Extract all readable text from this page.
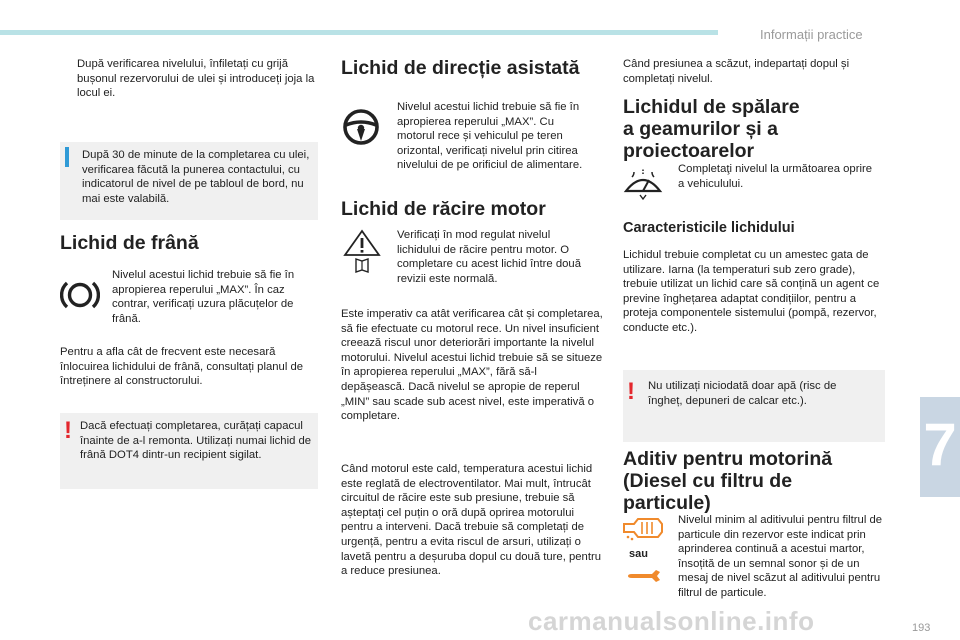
Informații practice

După verificarea nivelului, înfiletați cu grijă bușonul rezervorului de ulei și introduceți joja la locul ei.

După 30 de minute de la completarea cu ulei, verificarea făcută la punerea contactului, cu indicatorul de nivel de pe tabloul de bord, nu mai este valabilă.

Lichid de frână

Nivelul acestui lichid trebuie să fie în apropierea reperului „MAX”. În caz contrar, verificați uzura plăcuțelor de frână.

Pentru a afla cât de frecvent este necesară înlocuirea lichidului de frână, consultați planul de întreținere al constructorului.

! Dacă efectuați completarea, curățați capacul înainte de a-l remonta. Utilizați numai lichid de frână DOT4 dintr-un recipient sigilat.

Lichid de direcție asistată

Nivelul acestui lichid trebuie să fie în apropierea reperului „MAX”. Cu motorul rece și vehiculul pe teren orizontal, verificați nivelul prin citirea nivelului de pe orificiul de alimentare.

Lichid de răcire motor

Verificați în mod regulat nivelul lichidului de răcire pentru motor. O completare cu acest lichid între două revizii este normală.

Este imperativ ca atât verificarea cât și completarea, să fie efectuate cu motorul rece. Un nivel insuficient creează riscul unor deteriorări importante la nivelul motorului. Nivelul acestui lichid trebuie să se situeze în apropierea reperului „MAX”, fără să-l depășească. Dacă nivelul se apropie de reperul „MIN” sau scade sub acest nivel, este imperativă o completare.

Când motorul este cald, temperatura acestui lichid este reglată de electroventilator. Mai mult, întrucât circuitul de răcire este sub presiune, trebuie să așteptați cel puțin o oră după oprirea motorului pentru a interveni. Dacă trebuie să completați de urgență, pentru a evita riscul de arsuri, utilizați o lavetă pentru a deșuruba dopul cu două ture, pentru a reduce presiunea.

Când presiunea a scăzut, indepartați dopul și completați nivelul.

Lichidul de spălare
a geamurilor și a
proiectoarelor

Completaţi nivelul la următoarea oprire a vehiculului.

Caracteristicile lichidului

Lichidul trebuie completat cu un amestec gata de utilizare. Iarna (la temperaturi sub zero grade), trebuie utilizat un lichid care să conțină un agent ce previne înghețarea adaptat condițiilor, pentru a proteja componentele sistemului (pompă, rezervor, conducte etc.).

! Nu utilizați niciodată doar apă (risc de îngheț, depuneri de calcar etc.).

Aditiv pentru motorină
(Diesel cu filtru de
particule)
sau

Nivelul minim al aditivului pentru filtrul de particule din rezervor este indicat prin aprinderea continuă a acestui martor, însoțită de un semnal sonor și de un mesaj de nivel scăzut al aditivului pentru filtrul de particule.

7
carmanualsonline.info	193
